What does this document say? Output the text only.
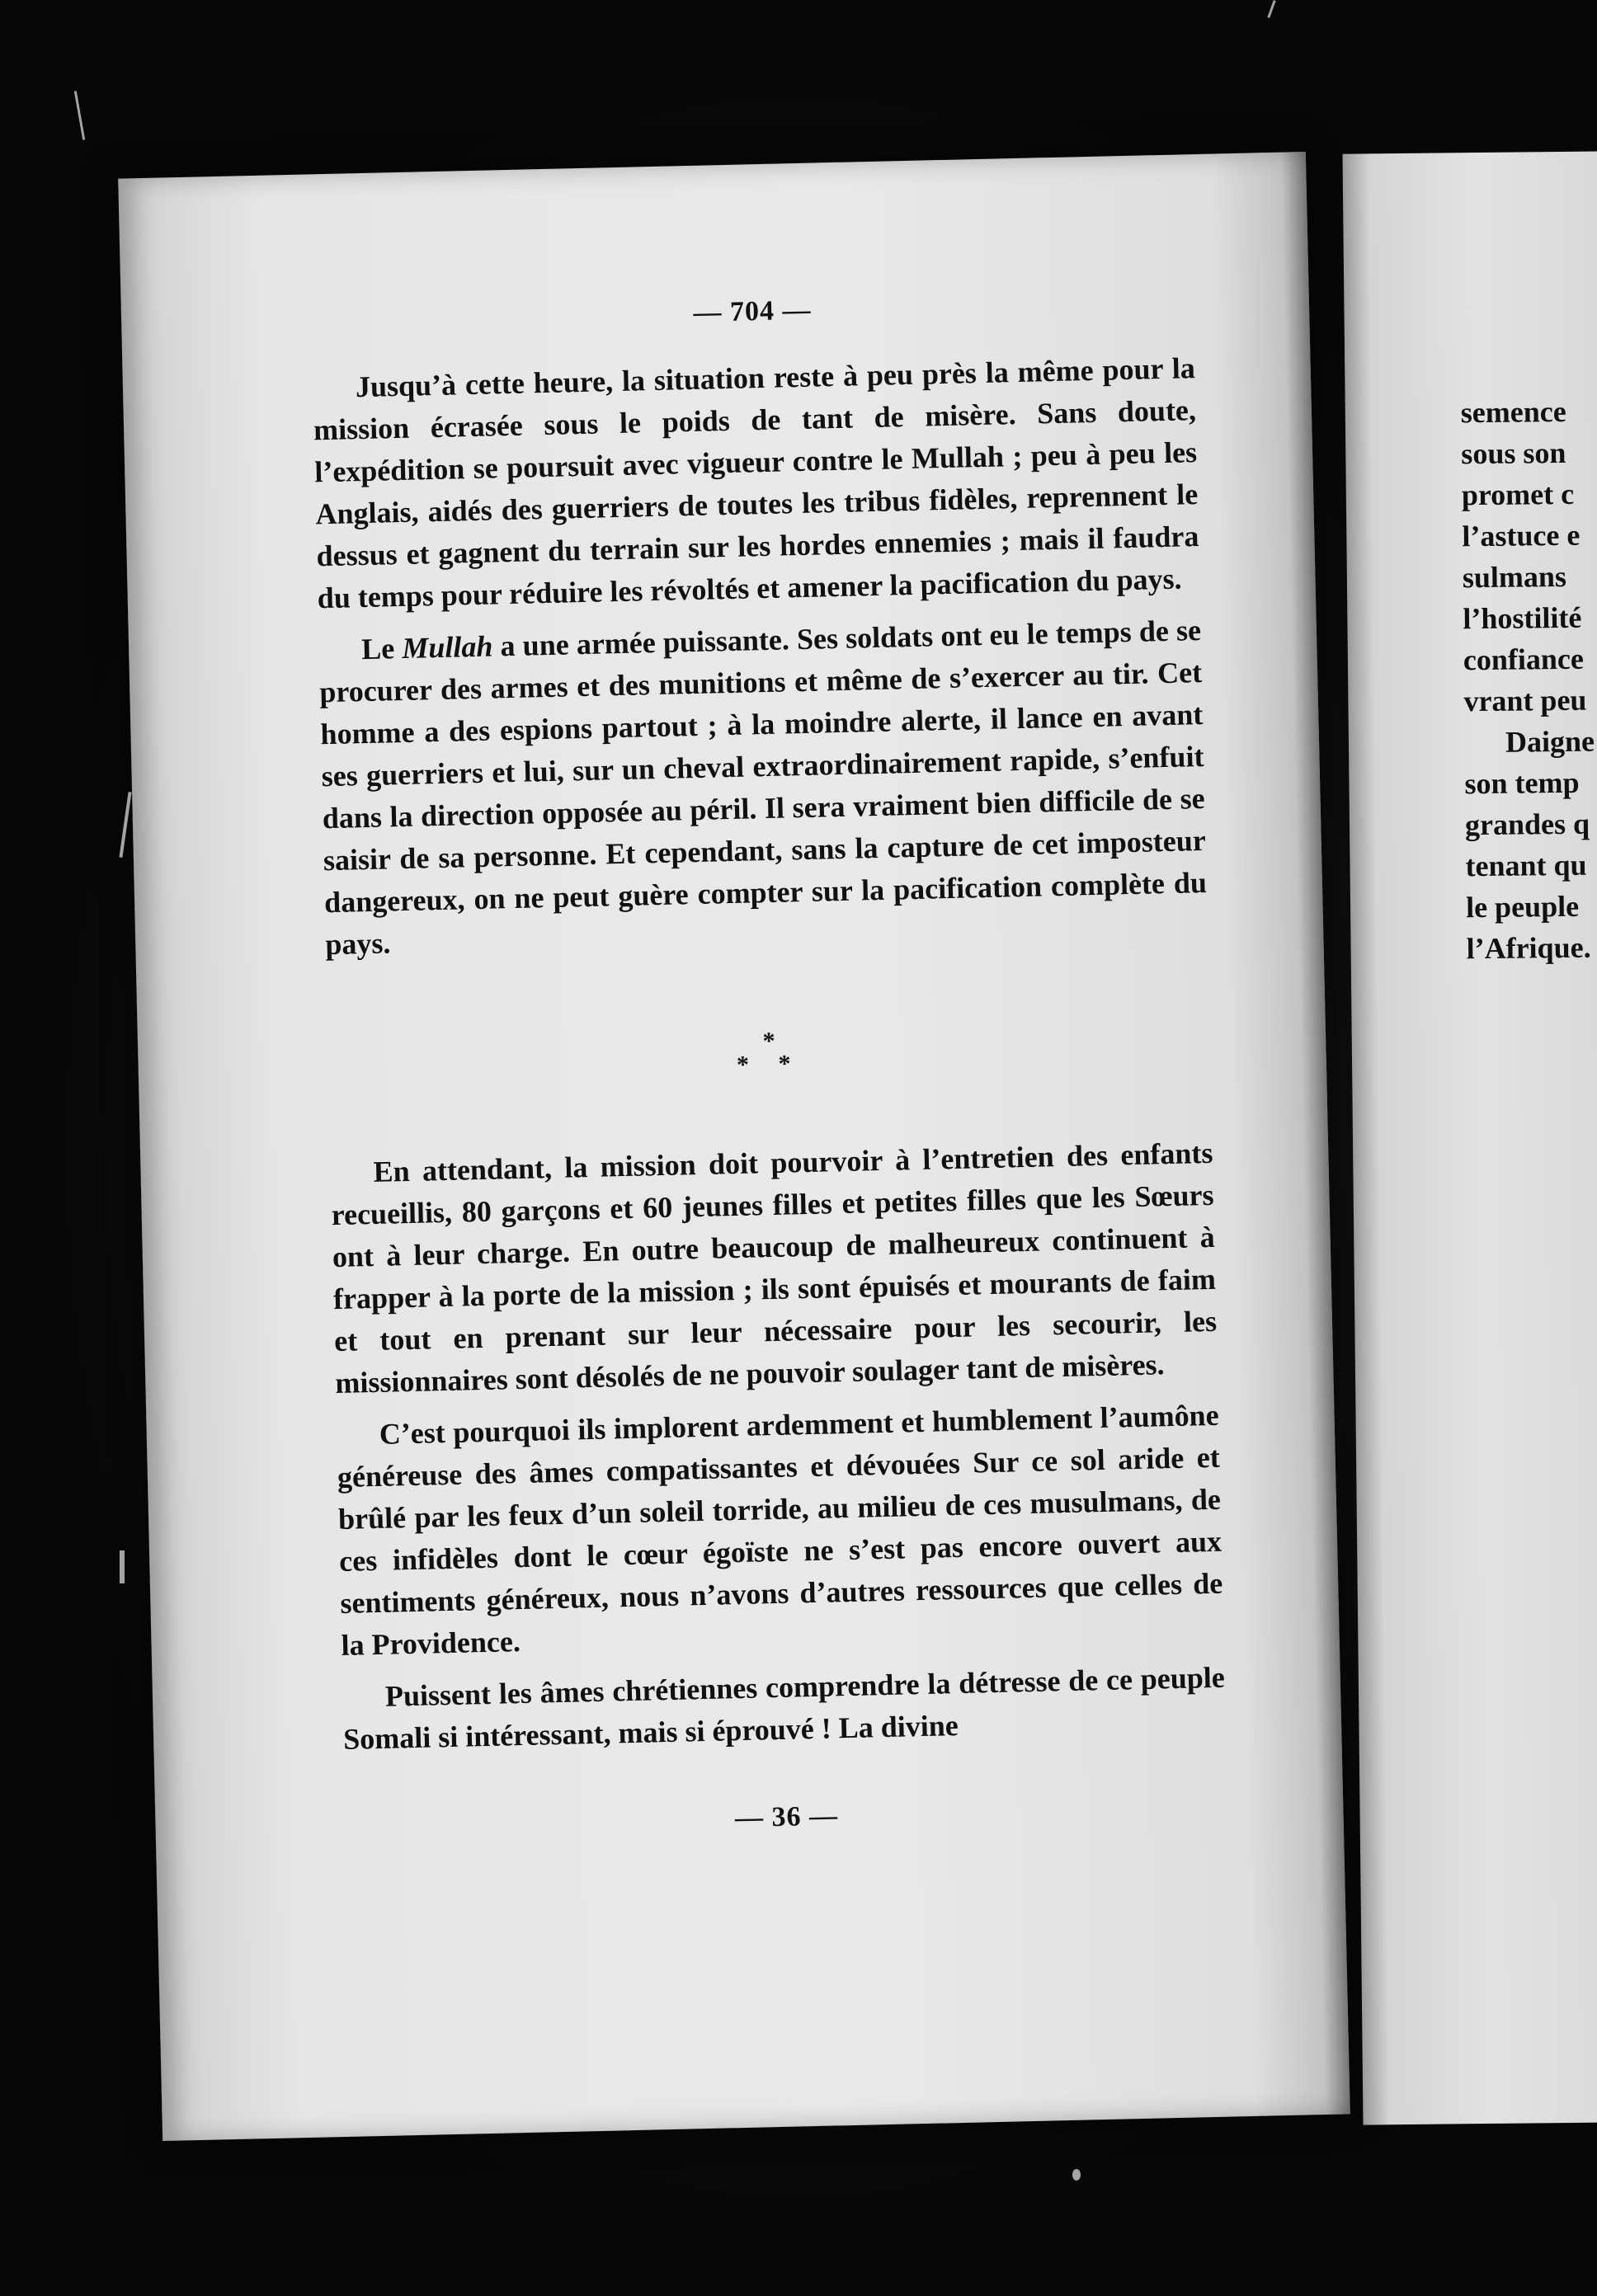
— 704 —

Jusqu’à cette heure, la situation reste à peu près la même pour la mission écrasée sous le poids de tant de misère. Sans doute, l’expédition se poursuit avec vigueur contre le Mullah ; peu à peu les Anglais, aidés des guerriers de toutes les tribus fidèles, reprennent le dessus et gagnent du terrain sur les hordes ennemies ; mais il faudra du temps pour réduire les révoltés et amener la pacification du pays.

Le Mullah a une armée puissante. Ses soldats ont eu le temps de se procurer des armes et des munitions et même de s’exercer au tir. Cet homme a des espions partout ; à la moindre alerte, il lance en avant ses guerriers et lui, sur un cheval extraordinairement rapide, s’enfuit dans la direction opposée au péril. Il sera vraiment bien difficile de se saisir de sa personne. Et cependant, sans la capture de cet imposteur dangereux, on ne peut guère compter sur la pacification complète du pays.

*
* *

En attendant, la mission doit pourvoir à l’entretien des enfants recueillis, 80 garçons et 60 jeunes filles et petites filles que les Sœurs ont à leur charge. En outre beaucoup de malheureux continuent à frapper à la porte de la mission ; ils sont épuisés et mourants de faim et tout en prenant sur leur nécessaire pour les secourir, les missionnaires sont désolés de ne pouvoir soulager tant de misères.

C’est pourquoi ils implorent ardemment et humblement l’aumône généreuse des âmes compatissantes et dévouées Sur ce sol aride et brûlé par les feux d’un soleil torride, au milieu de ces musulmans, de ces infidèles dont le cœur égoïste ne s’est pas encore ouvert aux sentiments généreux, nous n’avons d’autres ressources que celles de la Providence.

Puissent les âmes chrétiennes comprendre la détresse de ce peuple Somali si intéressant, mais si éprouvé ! La divine

— 36 —
semence
sous son
promet c
l’astuce e
sulmans
l’hostilité
confiance
vrant peu
Daigne
son temp
grandes q
tenant qu
le peuple
l’Afrique.
